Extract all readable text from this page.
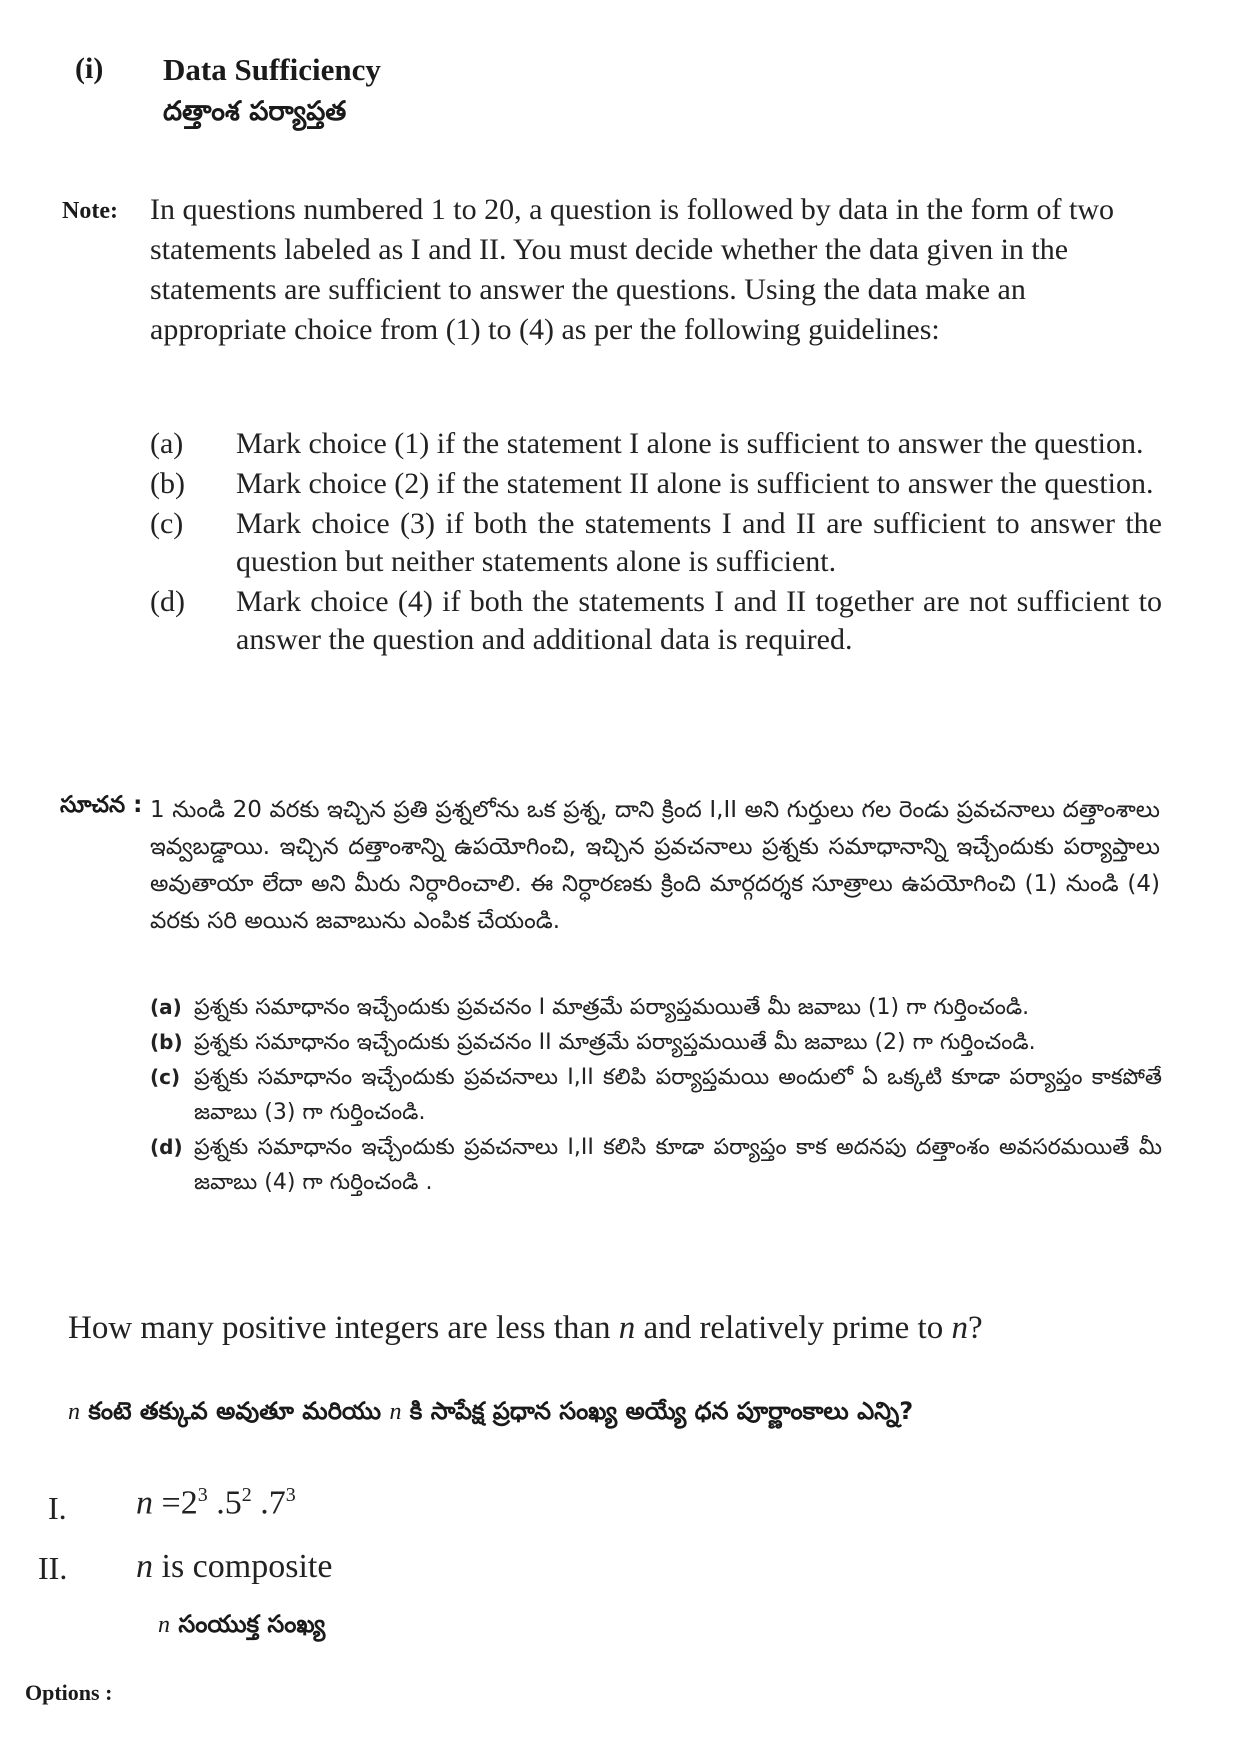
(i) Data Sufficiency
దత్తాంశ పర్యాప్తత
Note: In questions numbered 1 to 20, a question is followed by data in the form of two statements labeled as I and II. You must decide whether the data given in the statements are sufficient to answer the questions. Using the data make an appropriate choice from (1) to (4) as per the following guidelines:
(a)	Mark choice (1) if the statement I alone is sufficient to answer the question.
(b)	Mark choice (2) if the statement II alone is sufficient to answer the question.
(c)	Mark choice (3) if both the statements I and II are sufficient to answer the question but neither statements alone is sufficient.
(d)	Mark choice (4) if both the statements I and II together are not sufficient to answer the question and additional data is required.
సూచన : 1 నుండి 20 వరకు ఇచ్చిన ప్రతి ప్రశ్నలోను ఒక ప్రశ్న, దాని క్రింద I,II అని గుర్తులు గల రెండు ప్రవచనాలు దత్తాంశాలు ఇవ్వబడ్డాయి. ఇచ్చిన దత్తాంశాన్ని ఉపయోగించి, ఇచ్చిన ప్రవచనాలు ప్రశ్నకు సమాధానాన్ని ఇచ్చేందుకు పర్యాప్తాలు అవుతాయా లేదా అని మీరు నిర్ధారించాలి. ఈ నిర్ధారణకు క్రింది మార్గదర్శక సూత్రాలు ఉపయోగించి (1) నుండి (4) వరకు సరి అయిన జవాబును ఎంపిక చేయండి.
(a) ప్రశ్నకు సమాధానం ఇచ్చేందుకు ప్రవచనం I మాత్రమే పర్యాప్తమయితే మీ జవాబు (1) గా గుర్తించండి.
(b) ప్రశ్నకు సమాధానం ఇచ్చేందుకు ప్రవచనం II మాత్రమే పర్యాప్తమయితే మీ జవాబు (2) గా గుర్తించండి.
(c) ప్రశ్నకు సమాధానం ఇచ్చేందుకు ప్రవచనాలు I,II కలిపి పర్యాప్తమయి అందులో ఏ ఒక్కటి కూడా పర్యాప్తం కాకపోతే జవాబు (3) గా గుర్తించండి.
(d) ప్రశ్నకు సమాధానం ఇచ్చేందుకు ప్రవచనాలు I,II కలిసి కూడా పర్యాప్తం కాక అదనపు దత్తాంశం అవసరమయితే మీ జవాబు (4) గా గుర్తించండి .
How many positive integers are less than n and relatively prime to n?
n కంటె తక్కువ అవుతూ మరియు n కి సాపేక్ష ప్రధాన సంఖ్య అయ్యే ధన పూర్ణాంకాలు ఎన్ని?
I. $n =2^3$ $.5^2$ $.7^3$
II. n is composite
n సంయుక్త సంఖ్య
Options :
